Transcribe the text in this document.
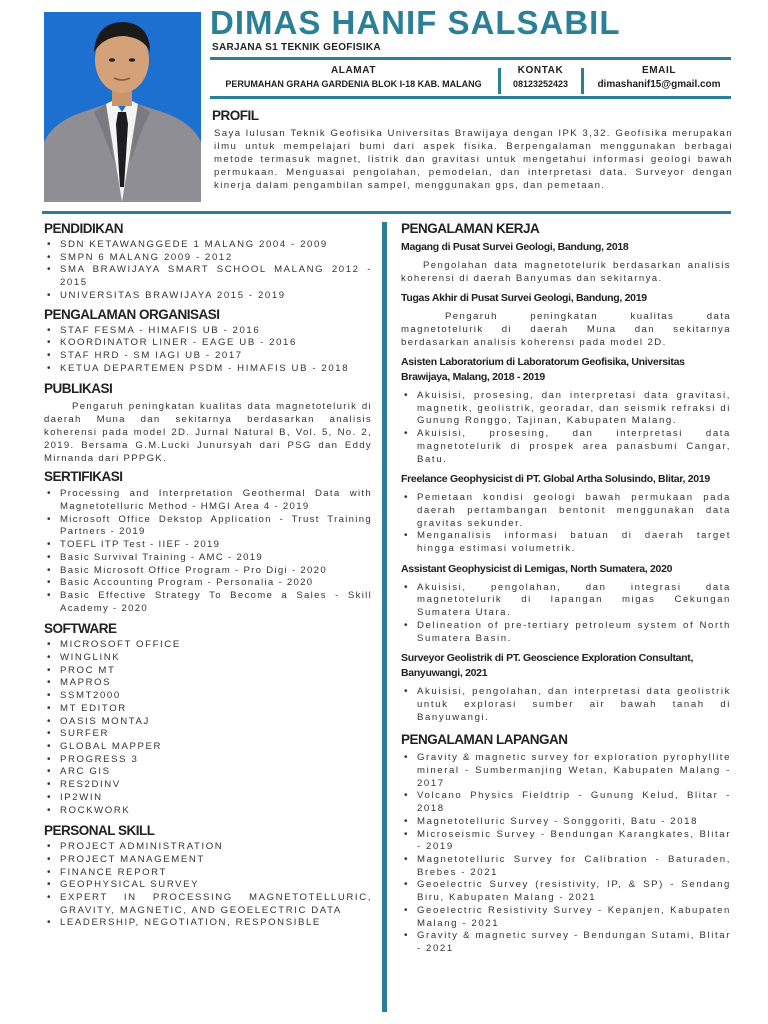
DIMAS HANIF SALSABIL
SARJANA S1 TEKNIK GEOFISIKA
ALAMAT
PERUMAHAN GRAHA GARDENIA BLOK I-18 KAB. MALANG
KONTAK
08123252423
EMAIL
dimashanif15@gmail.com
PROFIL
Saya lulusan Teknik Geofisika Universitas Brawijaya dengan IPK 3,32. Geofisika merupakan ilmu untuk mempelajari bumi dari aspek fisika. Berpengalaman menggunakan berbagai metode termasuk magnet, listrik dan gravitasi untuk mengetahui informasi geologi bawah permukaan. Menguasai pengolahan, pemodelan, dan interpretasi data. Surveyor dengan kinerja dalam pengambilan sampel, menggunakan gps, dan pemetaan.
PENDIDIKAN
• SDN KETAWANGGEDE 1 MALANG 2004 - 2009
• SMPN 6 MALANG 2009 - 2012
• SMA BRAWIJAYA SMART SCHOOL MALANG 2012 - 2015
• UNIVERSITAS BRAWIJAYA 2015 - 2019
PENGALAMAN ORGANISASI
• STAF FESMA - HIMAFIS UB - 2016
• KOORDINATOR LINER - EAGE UB - 2016
• STAF HRD - SM IAGI UB - 2017
• KETUA DEPARTEMEN PSDM - HIMAFIS UB - 2018
PUBLIKASI
Pengaruh peningkatan kualitas data magnetotelurik di daerah Muna dan sekitarnya berdasarkan analisis koherensi pada model 2D. Jurnal Natural B, Vol. 5, No. 2, 2019. Bersama G.M.Lucki Junursyah dari PSG dan Eddy Mirnanda dari PPPGK.
SERTIFIKASI
• Processing and Interpretation Geothermal Data with Magnetotelluric Method - HMGI Area 4 - 2019
• Microsoft Office Dekstop Application - Trust Training Partners - 2019
• TOEFL ITP Test - IIEF - 2019
• Basic Survival Training - AMC - 2019
• Basic Microsoft Office Program - Pro Digi - 2020
• Basic Accounting Program - Personalia - 2020
• Basic Effective Strategy To Become a Sales - Skill Academy - 2020
SOFTWARE
• MICROSOFT OFFICE
• WINGLINK
• PROC MT
• MAPROS
• SSMT2000
• MT EDITOR
• OASIS MONTAJ
• SURFER
• GLOBAL MAPPER
• PROGRESS 3
• ARC GIS
• RES2DINV
• IP2WIN
• ROCKWORK
PERSONAL SKILL
• PROJECT ADMINISTRATION
• PROJECT MANAGEMENT
• FINANCE REPORT
• GEOPHYSICAL SURVEY
• EXPERT IN PROCESSING MAGNETOTELLURIC, GRAVITY, MAGNETIC, AND GEOELECTRIC DATA
• LEADERSHIP, NEGOTIATION, RESPONSIBLE
PENGALAMAN KERJA
Magang di Pusat Survei Geologi, Bandung, 2018
Pengolahan data magnetotelurik berdasarkan analisis koherensi di daerah Banyumas dan sekitarnya.
Tugas Akhir di Pusat Survei Geologi, Bandung, 2019
Pengaruh peningkatan kualitas data magnetotelurik di daerah Muna dan sekitarnya berdasarkan analisis koherensi pada model 2D.
Asisten Laboratorium di Laboratorum Geofisika, Universitas Brawijaya, Malang, 2018 - 2019
• Akuisisi, prosesing, dan interpretasi data gravitasi, magnetik, geolistrik, georadar, dan seismik refraksi di Gunung Ronggo, Tajinan, Kabupaten Malang.
• Akuisisi, prosesing, dan interpretasi data magnetotelurik di prospek area panasbumi Cangar, Batu.
Freelance Geophysicist di PT. Global Artha Solusindo, Blitar, 2019
• Pemetaan kondisi geologi bawah permukaan pada daerah pertambangan bentonit menggunakan data gravitas sekunder.
• Menganalisis informasi batuan di daerah target hingga estimasi volumetrik.
Assistant Geophysicist di Lemigas, North Sumatera, 2020
• Akuisisi, pengolahan, dan integrasi data magnetotelurik di lapangan migas Cekungan Sumatera Utara.
• Delineation of pre-tertiary petroleum system of North Sumatera Basin.
Surveyor Geolistrik di PT. Geoscience Exploration Consultant, Banyuwangi, 2021
• Akuisisi, pengolahan, dan interpretasi data geolistrik untuk explorasi sumber air bawah tanah di Banyuwangi.
PENGALAMAN LAPANGAN
• Gravity & magnetic survey for exploration pyrophyllite mineral - Sumbermanjing Wetan, Kabupaten Malang - 2017
• Volcano Physics Fieldtrip - Gunung Kelud, Blitar - 2018
• Magnetotelluric Survey - Songgoriti, Batu - 2018
• Microseismic Survey - Bendungan Karangkates, Blitar - 2019
• Magnetotelluric Survey for Calibration - Baturaden, Brebes - 2021
• Geoelectric Survey (resistivity, IP, & SP) - Sendang Biru, Kabupaten Malang - 2021
• Geoelectric Resistivity Survey - Kepanjen, Kabupaten Malang - 2021
• Gravity & magnetic survey - Bendungan Sutami, Blitar - 2021
